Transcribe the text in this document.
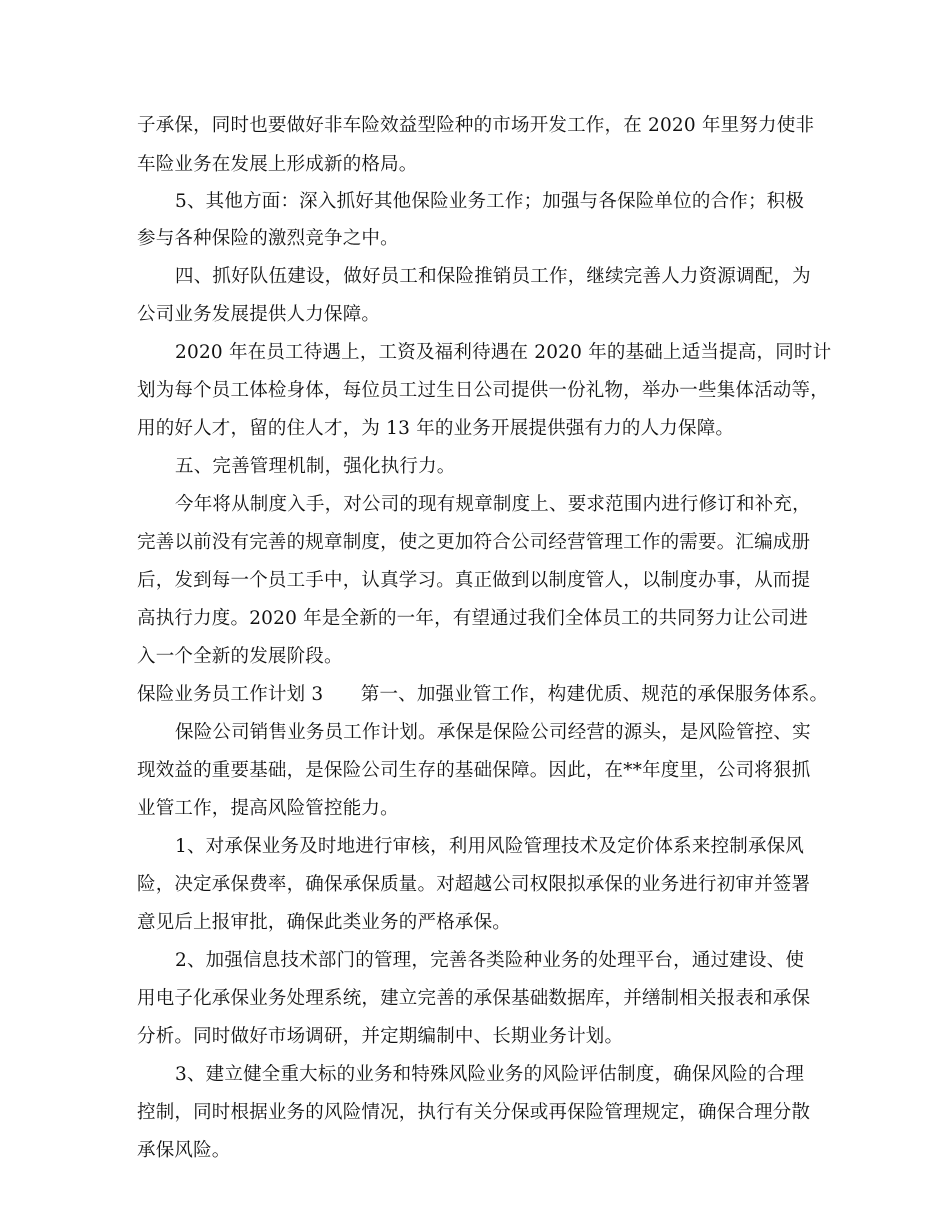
子承保，同时也要做好非车险效益型险种的市场开发工作，在 2020 年里努力使非
车险业务在发展上形成新的格局。
5、其他方面：深入抓好其他保险业务工作；加强与各保险单位的合作；积极
参与各种保险的激烈竞争之中。
四、抓好队伍建设，做好员工和保险推销员工作，继续完善人力资源调配，为
公司业务发展提供人力保障。
2020 年在员工待遇上，工资及福利待遇在 2020 年的基础上适当提高，同时计
划为每个员工体检身体，每位员工过生日公司提供一份礼物，举办一些集体活动等，
用的好人才，留的住人才，为 13 年的业务开展提供强有力的人力保障。
五、完善管理机制，强化执行力。
今年将从制度入手，对公司的现有规章制度上、要求范围内进行修订和补充，
完善以前没有完善的规章制度，使之更加符合公司经营管理工作的需要。汇编成册
后，发到每一个员工手中，认真学习。真正做到以制度管人，以制度办事，从而提
高执行力度。2020 年是全新的一年，有望通过我们全体员工的共同努力让公司进
入一个全新的发展阶段。
保险业务员工作计划 3　　第一、加强业管工作，构建优质、规范的承保服务体系。
保险公司销售业务员工作计划。承保是保险公司经营的源头，是风险管控、实
现效益的重要基础，是保险公司生存的基础保障。因此，在**年度里，公司将狠抓
业管工作，提高风险管控能力。
1、对承保业务及时地进行审核，利用风险管理技术及定价体系来控制承保风
险，决定承保费率，确保承保质量。对超越公司权限拟承保的业务进行初审并签署
意见后上报审批，确保此类业务的严格承保。
2、加强信息技术部门的管理，完善各类险种业务的处理平台，通过建设、使
用电子化承保业务处理系统，建立完善的承保基础数据库，并缮制相关报表和承保
分析。同时做好市场调研，并定期编制中、长期业务计划。
3、建立健全重大标的业务和特殊风险业务的风险评估制度，确保风险的合理
控制，同时根据业务的风险情况，执行有关分保或再保险管理规定，确保合理分散
承保风险。
